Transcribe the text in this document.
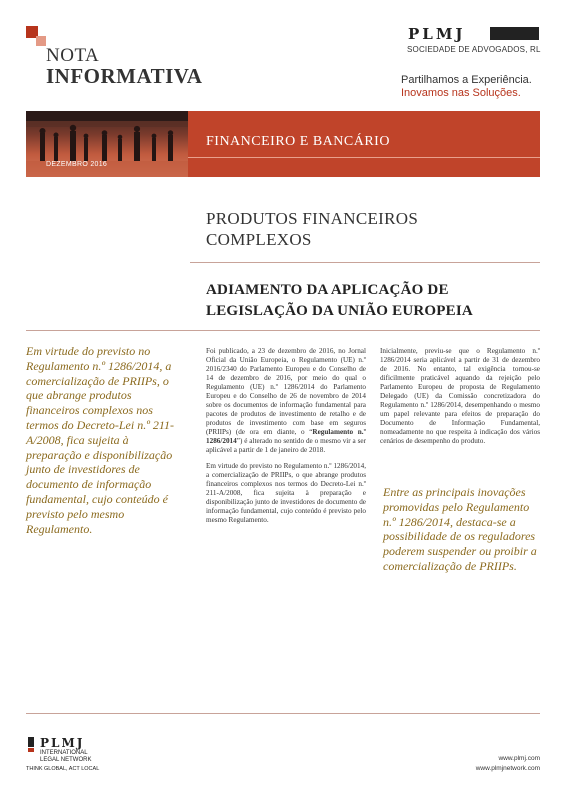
NOTA
INFORMATIVA
PLMJ
SOCIEDADE DE ADVOGADOS, RL
Partilhamos a Experiência.
Inovamos nas Soluções.
DEZEMBRO 2016
FINANCEIRO E BANCÁRIO
PRODUTOS FINANCEIROS
COMPLEXOS
ADIAMENTO DA APLICAÇÃO DE
LEGISLAÇÃO DA UNIÃO EUROPEIA
Em virtude do previsto no Regulamento n.º 1286/2014, a comercialização de PRIIPs, o que abrange produtos financeiros complexos nos termos do Decreto-Lei n.º 211-A/2008, fica sujeita à preparação e disponibilização junto de investidores de documento de informação fundamental, cujo conteúdo é previsto pelo mesmo Regulamento.

Foi publicado, a 23 de dezembro de 2016, no Jornal Oficial da União Europeia, o Regulamento (UE) n.º 2016/2340 do Parlamento Europeu e do Conselho de 14 de dezembro de 2016, por meio do qual o Regulamento (UE) n.º 1286/2014 do Parlamento Europeu e do Conselho de 26 de novembro de 2014 sobre os documentos de informação fundamental para pacotes de produtos de investimento de retalho e de produtos de investimento com base em seguros (PRIIPs) (de ora em diante, o “Regulamento n.º 1286/2014”) é alterado no sentido de o mesmo vir a ser aplicável a partir de 1 de janeiro de 2018.

Em virtude do previsto no Regulamento n.º 1286/2014, a comercialização de PRIIPs, o que abrange produtos financeiros complexos nos termos do Decreto-Lei n.º 211-A/2008, fica sujeita à preparação e disponibilização junto de investidores de documento de informação fundamental, cujo conteúdo é previsto pelo mesmo Regulamento.

Inicialmente, previu-se que o Regulamento n.º 1286/2014 seria aplicável a partir de 31 de dezembro de 2016. No entanto, tal exigência tornou-se dificilmente praticável aquando da rejeição pelo Parlamento Europeu de proposta de Regulamento Delegado (UE) da Comissão concretizadora do Regulamento n.º 1286/2014, desempenhando o mesmo um papel relevante para efeitos de preparação do Documento de Informação Fundamental, nomeadamente no que respeita à indicação dos vários cenários de desempenho do produto.

Entre as principais inovações promovidas pelo Regulamento n.º 1286/2014, destaca-se a possibilidade de os reguladores poderem suspender ou proibir a comercialização de PRIIPs.
PLMJ
INTERNATIONAL
LEGAL NETWORK
THINK GLOBAL, ACT LOCAL
www.plmj.com
www.plmjnetwork.com
